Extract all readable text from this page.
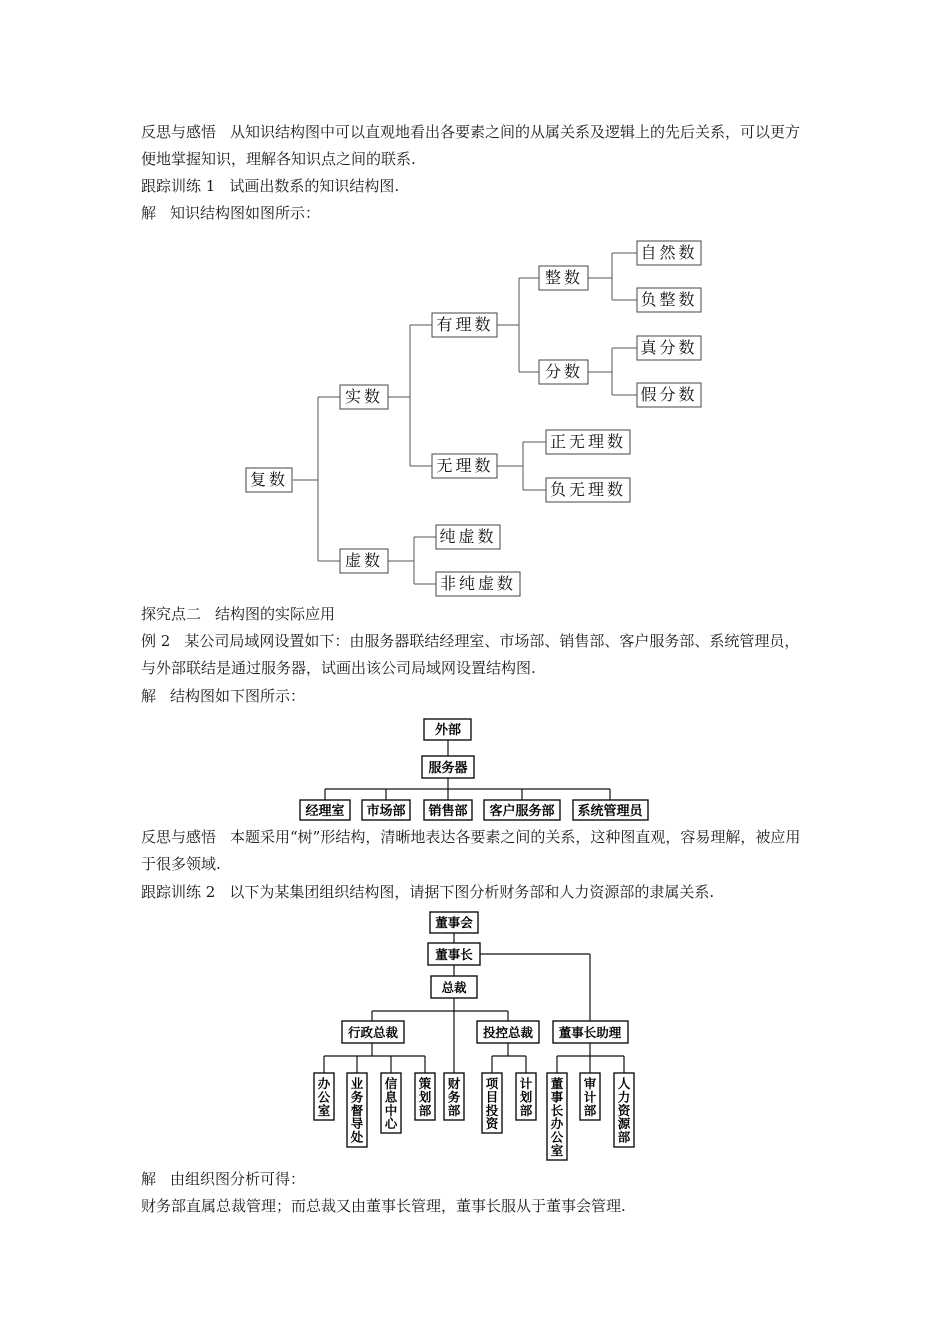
反思与感悟 从知识结构图中可以直观地看出各要素之间的从属关系及逻辑上的先后关系，可以更方便地掌握知识，理解各知识点之间的联系.

跟踪训练 1 试画出数系的知识结构图.

解 知识结构图如图所示：

复数
实数
有理数
整数
自然数
负整数
分数
真分数
假分数
无理数
正无理数
负无理数
虚数
纯虚数
非纯虚数

探究点二 结构图的实际应用

例 2 某公司局域网设置如下：由服务器联结经理室、市场部、销售部、客户服务部、系统管理员，与外部联结是通过服务器，试画出该公司局域网设置结构图.

解 结构图如下图所示：

外部
服务器
经理室 市场部 销售部 客户服务部 系统管理员

反思与感悟 本题采用“树”形结构，清晰地表达各要素之间的关系，这种图直观，容易理解，被应用于很多领域.

跟踪训练 2 以下为某集团组织结构图，请据下图分析财务部和人力资源部的隶属关系.

董事会
董事长
总裁
行政总裁	投控总裁 董事长助理
办公室
业务督导处
信息中心
策划部
财务部
项目投资
计划部
董事长办公室
审计部
人力资源部

解 由组织图分析可得：

财务部直属总裁管理；而总裁又由董事长管理，董事长服从于董事会管理.
